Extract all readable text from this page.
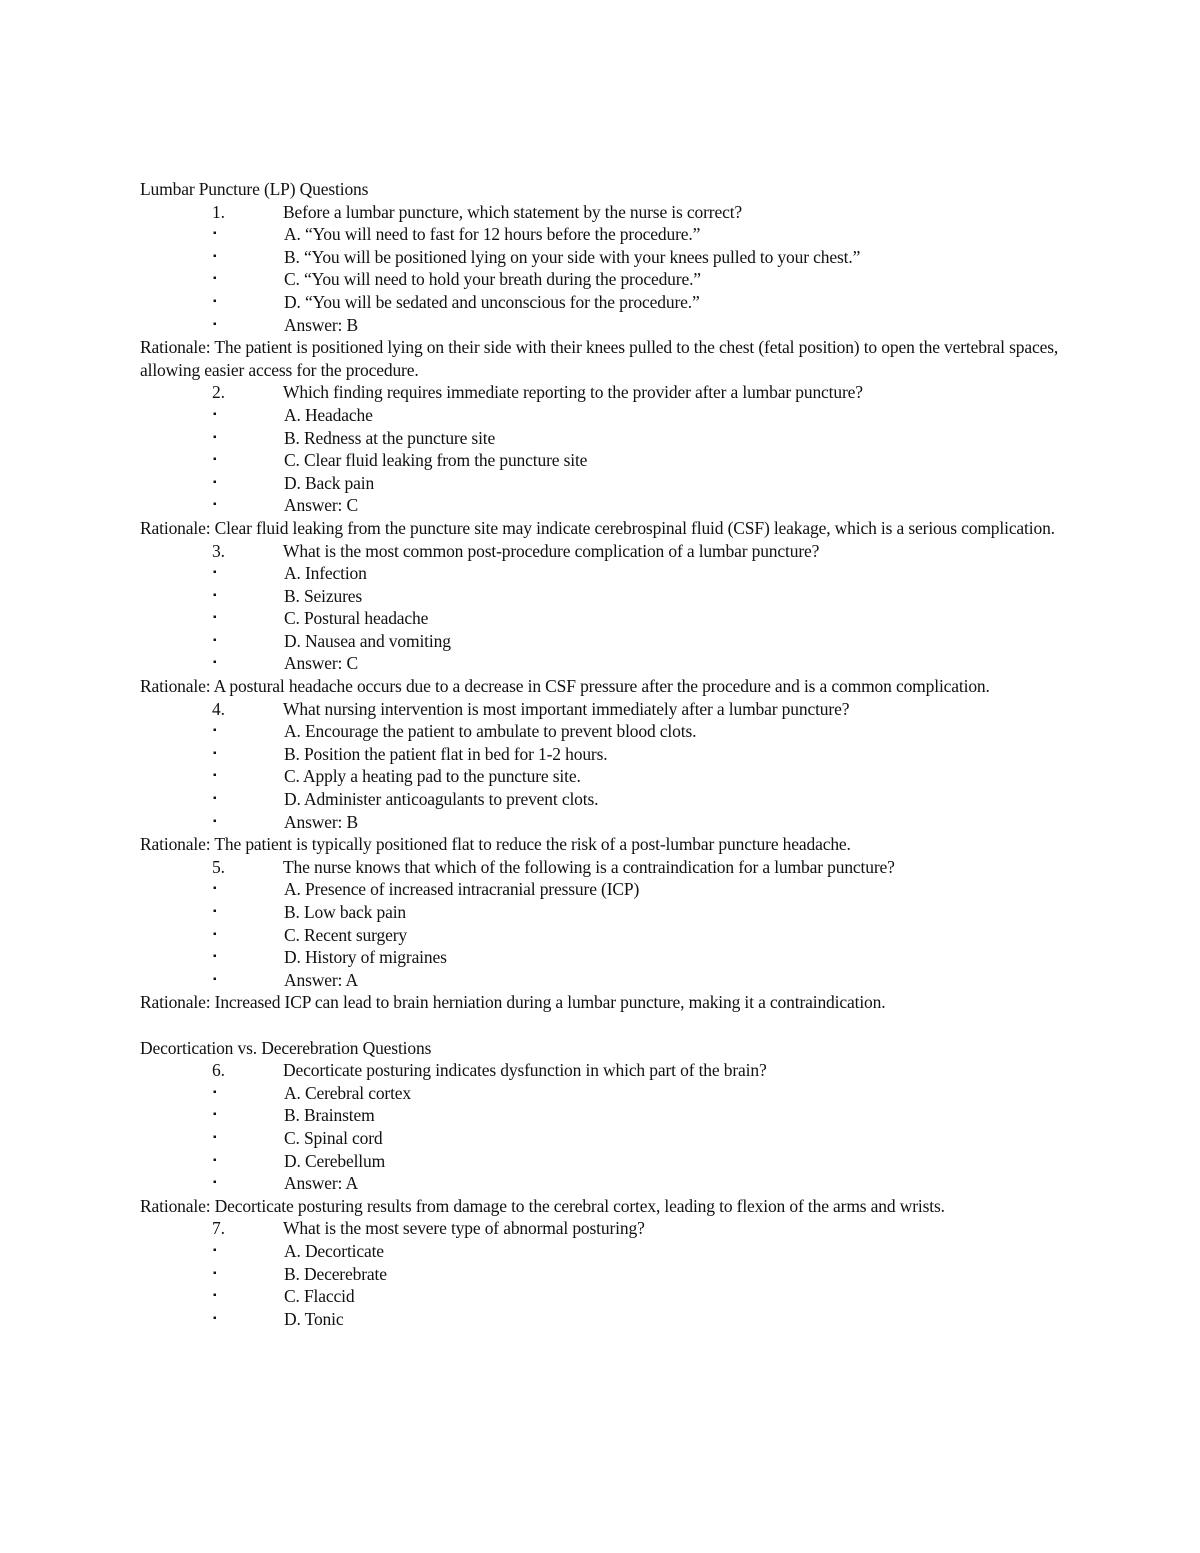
Lumbar Puncture (LP) Questions
1.	Before a lumbar puncture, which statement by the nurse is correct?
▪	A. “You will need to fast for 12 hours before the procedure.”
▪	B. “You will be positioned lying on your side with your knees pulled to your chest.”
▪	C. “You will need to hold your breath during the procedure.”
▪	D. “You will be sedated and unconscious for the procedure.”
▪	Answer: B
Rationale: The patient is positioned lying on their side with their knees pulled to the chest (fetal position) to open the vertebral spaces, allowing easier access for the procedure.
2.	Which finding requires immediate reporting to the provider after a lumbar puncture?
▪	A. Headache
▪	B. Redness at the puncture site
▪	C. Clear fluid leaking from the puncture site
▪	D. Back pain
▪	Answer: C
Rationale: Clear fluid leaking from the puncture site may indicate cerebrospinal fluid (CSF) leakage, which is a serious complication.
3.	What is the most common post-procedure complication of a lumbar puncture?
▪	A. Infection
▪	B. Seizures
▪	C. Postural headache
▪	D. Nausea and vomiting
▪	Answer: C
Rationale: A postural headache occurs due to a decrease in CSF pressure after the procedure and is a common complication.
4.	What nursing intervention is most important immediately after a lumbar puncture?
▪	A. Encourage the patient to ambulate to prevent blood clots.
▪	B. Position the patient flat in bed for 1-2 hours.
▪	C. Apply a heating pad to the puncture site.
▪	D. Administer anticoagulants to prevent clots.
▪	Answer: B
Rationale: The patient is typically positioned flat to reduce the risk of a post-lumbar puncture headache.
5.	The nurse knows that which of the following is a contraindication for a lumbar puncture?
▪	A. Presence of increased intracranial pressure (ICP)
▪	B. Low back pain
▪	C. Recent surgery
▪	D. History of migraines
▪	Answer: A
Rationale: Increased ICP can lead to brain herniation during a lumbar puncture, making it a contraindication.
Decortication vs. Decerebration Questions
6.	Decorticate posturing indicates dysfunction in which part of the brain?
▪	A. Cerebral cortex
▪	B. Brainstem
▪	C. Spinal cord
▪	D. Cerebellum
▪	Answer: A
Rationale: Decorticate posturing results from damage to the cerebral cortex, leading to flexion of the arms and wrists.
7.	What is the most severe type of abnormal posturing?
▪	A. Decorticate
▪	B. Decerebrate
▪	C. Flaccid
▪	D. Tonic
